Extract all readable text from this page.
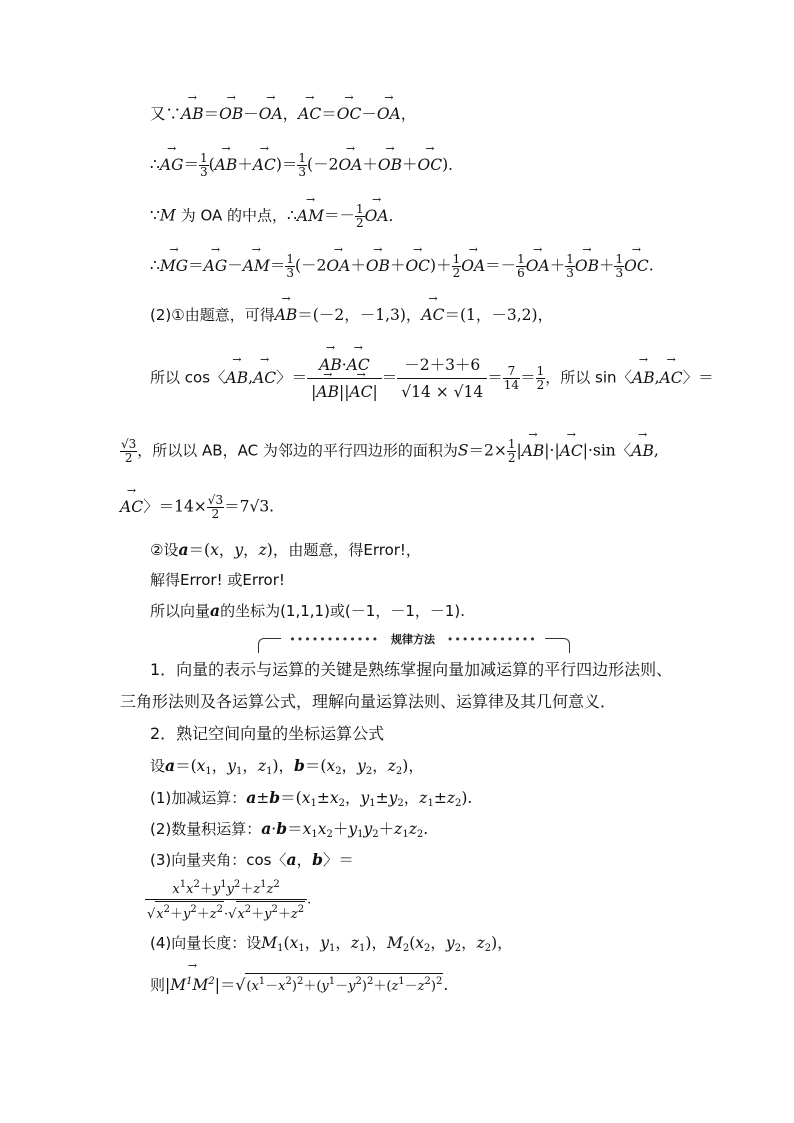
又∵→ AB＝→ OB－→ OA，→ AC＝→ OC－→ OA，
∴→ $AG= \frac{1}{3}$ (→ $AB+\to AC)= \frac{1}{3} (-2\to OA+\to OB+\to OC)$．
∵M 为 OA 的中点，∴→ $AM=- \frac{1}{2}$
→ OA．
∴→ $MG=\to AG-\to AM= \frac{1}{3} (-2\to OA+\to OB+\to OC)+ \frac{1}{2}$
→ $OA=- \frac{1}{6}$
→ $OA+ \frac{1}{3}$
→ $OB+ \frac{1}{3}$
→ OC.
(2)①由题意，可得→ AB＝(－2，－1,3)，→ AC＝(1，－3,2)，
所以 cos〈→ AB,→ AC〉＝
→ $\frac{AB\cdot\to AC}{|\to AB||\to AC|} = \frac{-2+3+6}{√14 \times √14} = \frac{7}{14} = \frac{1}{2}$ ，所以 sin〈→ AB,→ AC〉＝
$\frac{√3}{2}$ ，所以以 AB，AC 为邻边的平行四边形的面积为$S=2\times \frac{1}{2}$ |→ AB|·|→ AC|·sin〈→ AB,
→ AC〉$=14\times \frac{√3}{2} =7√3$.
②设a＝(x，y，z)，由题意，得Error!，
解得Error! 或Error!
所以向量a的坐标为(1,1,1)或(－1，－1，－1).
•••••••••••• 规律方法 ••••••••••••
1．向量的表示与运算的关键是熟练掌握向量加减运算的平行四边形法则、
三角形法则及各运算公式，理解向量运算法则、运算律及其几何意义．
2．熟记空间向量的坐标运算公式
设$a=(x_1$，$y_1$，$z_1$)，$b=(x_2$，$y_2$，$z_2$)，
(1)加减运算：$a\pm b=(x_1\pm x_2$，$y_1\pm y_2$，$z_1\pm z_2$).
(2)数量积运算：$a\cdot b=x_1x_2+y_1y_2+z_1z_2$.
(3)向量夹角：cos〈a，b〉＝
$\frac{x^1x^2+y^1y^2+z^1z^2}{√x^2+y^2+z^2\cdot√x^2+y^2+z^2}$ .
(4)向量长度：设$M_1(x_1$，$y_1$，$z_1$)，$M_2(x_2$，$y_2$，$z_2$)，
则|→ $M^1M^2|=√(x^1-x^2)^2+(y^1-y^2)^2+(z^1-z^2)^2$.
